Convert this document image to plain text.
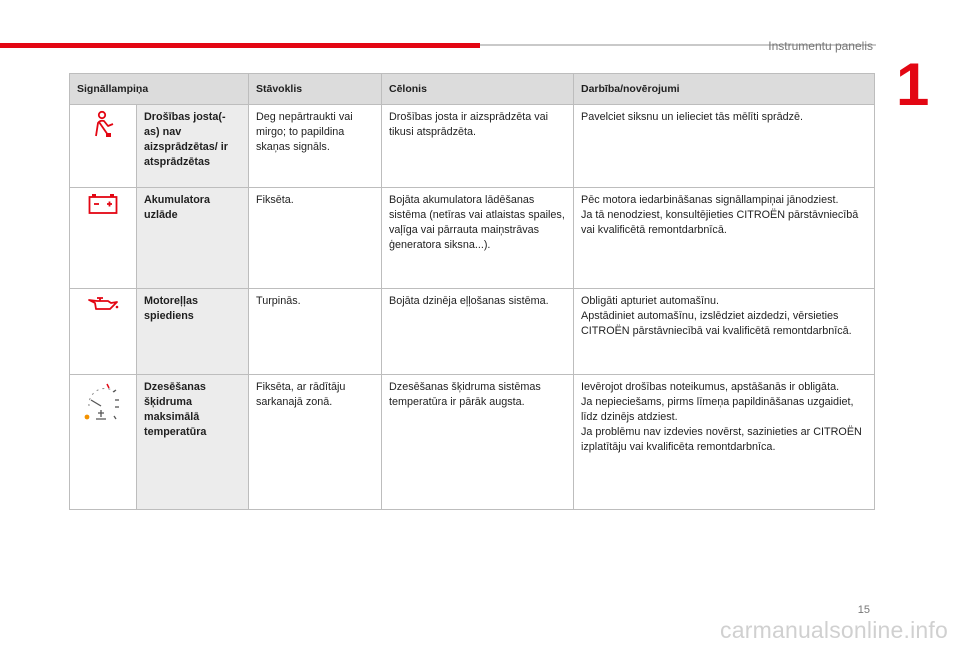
Instrumentu panelis

1

Signāllampiņa		Stāvoklis	Cēlonis	Darbība/novērojumi
	Drošības josta(-as) nav aizsprādzētas/ ir atsprādzētas	Deg nepārtraukti vai mirgo; to papildina skaņas signāls.	Drošības josta ir aizsprādzēta vai tikusi atsprādzēta.	Pavelciet siksnu un ielieciet tās mēlīti sprādzē.

	Akumulatora uzlāde	Fiksēta.	Bojāta akumulatora lādēšanas sistēma (netīras vai atlaistas spailes, vaļīga vai pārrauta maiņstrāvas ģeneratora siksna...).	Pēc motora iedarbināšanas signāllampiņai jānodziest.
Ja tā nenodziest, konsultējieties CITROËN pārstāvniecībā vai kvalificētā remontdarbnīcā.

	Motoreļļas spiediens	Turpinās.	Bojāta dzinēja eļļošanas sistēma.	Obligāti apturiet automašīnu.
Apstādiniet automašīnu, izslēdziet aizdedzi, vērsieties CITROËN pārstāvniecībā vai kvalificētā remontdarbnīcā.

	Dzesēšanas šķidruma maksimālā temperatūra	Fiksēta, ar rādītāju sarkanajā zonā.	Dzesēšanas šķidruma sistēmas temperatūra ir pārāk augsta.	Ievērojot drošības noteikumus, apstāšanās ir obligāta.
Ja nepieciešams, pirms līmeņa papildināšanas uzgaidiet, līdz dzinējs atdziest.
Ja problēmu nav izdevies novērst, sazinieties ar CITROËN izplatītāju vai kvalificēta remontdarbnīca.

15

carmanualsonline.info
